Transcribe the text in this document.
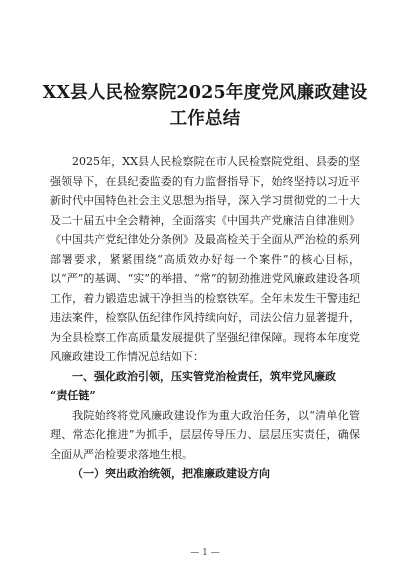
XX县人民检察院2025年度党风廉政建设
工作总结

2025年，XX县人民检察院在市人民检察院党组、县委的坚强领导下，在县纪委监委的有力监督指导下，始终坚持以习近平新时代中国特色社会主义思想为指导，深入学习贯彻党的二十大及二十届五中全会精神，全面落实《中国共产党廉洁自律准则》《中国共产党纪律处分条例》及最高检关于全面从严治检的系列部署要求，紧紧围绕“高质效办好每一个案件”的核心目标，以“严”的基调、“实”的举措、“常”的韧劲推进党风廉政建设各项工作，着力锻造忠诚干净担当的检察铁军。全年未发生干警违纪违法案件，检察队伍纪律作风持续向好，司法公信力显著提升，为全县检察工作高质量发展提供了坚强纪律保障。现将本年度党风廉政建设工作情况总结如下：

一、强化政治引领，压实管党治检责任，筑牢党风廉政
“责任链”

我院始终将党风廉政建设作为重大政治任务，以“清单化管理、常态化推进”为抓手，层层传导压力、层层压实责任，确保全面从严治检要求落地生根。

（一）突出政治统领，把准廉政建设方向

— 1 —
